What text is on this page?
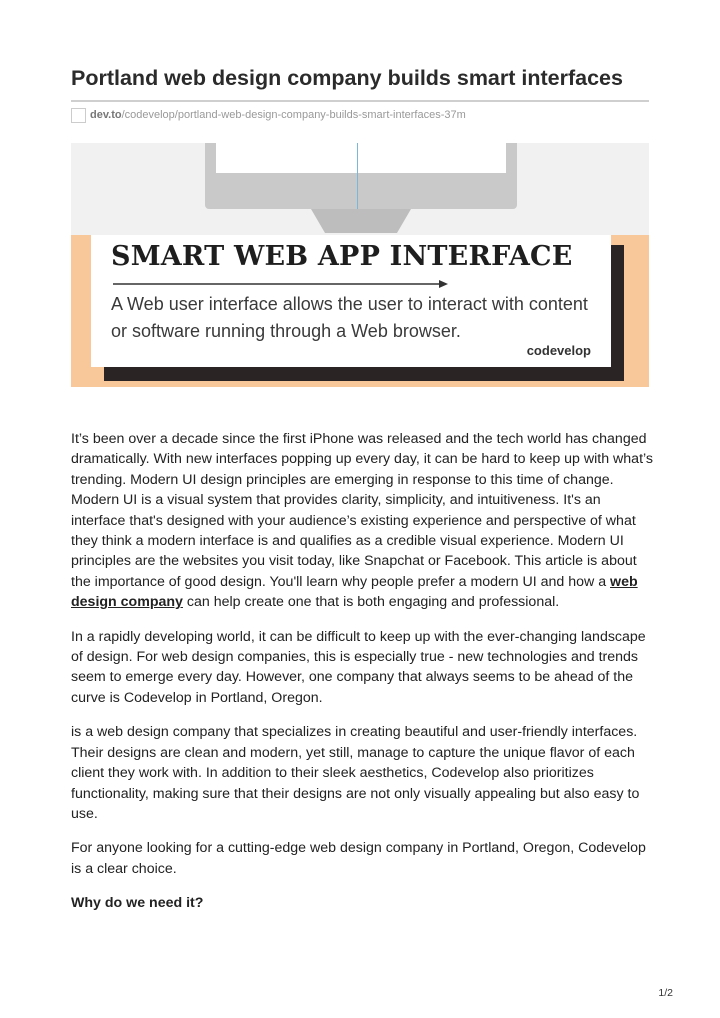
Portland web design company builds smart interfaces
dev.to /codevelop/portland-web-design-company-builds-smart-interfaces-37m
SMART WEB APP INTERFACE

A Web user interface allows the user to interact with content or software running through a Web browser.

codevelop

It’s been over a decade since the first iPhone was released and the tech world has changed dramatically. With new interfaces popping up every day, it can be hard to keep up with what’s trending. Modern UI design principles are emerging in response to this time of change. Modern UI is a visual system that provides clarity, simplicity, and intuitiveness. It's an interface that's designed with your audience’s existing experience and perspective of what they think a modern interface is and qualifies as a credible visual experience. Modern UI principles are the websites you visit today, like Snapchat or Facebook. This article is about the importance of good design. You'll learn why people prefer a modern UI and how a web design company can help create one that is both engaging and professional.

In a rapidly developing world, it can be difficult to keep up with the ever-changing landscape of design. For web design companies, this is especially true - new technologies and trends seem to emerge every day. However, one company that always seems to be ahead of the curve is Codevelop in Portland, Oregon.

is a web design company that specializes in creating beautiful and user-friendly interfaces. Their designs are clean and modern, yet still, manage to capture the unique flavor of each client they work with. In addition to their sleek aesthetics, Codevelop also prioritizes functionality, making sure that their designs are not only visually appealing but also easy to use.

For anyone looking for a cutting-edge web design company in Portland, Oregon, Codevelop is a clear choice.

Why do we need it?

1/2
